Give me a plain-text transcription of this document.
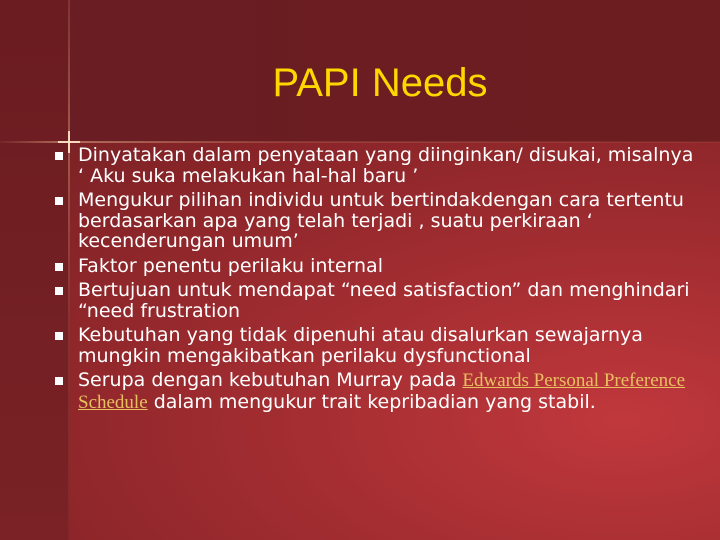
PAPI Needs
Dinyatakan dalam penyataan yang diinginkan/ disukai, misalnya ‘ Aku suka melakukan hal-hal baru ’
Mengukur pilihan individu untuk bertindakdengan cara tertentu berdasarkan apa yang telah terjadi , suatu perkiraan ‘ kecenderungan umum’
Faktor penentu perilaku internal
Bertujuan untuk mendapat “need satisfaction” dan menghindari “need frustration
Kebutuhan yang tidak dipenuhi atau disalurkan sewajarnya mungkin mengakibatkan perilaku dysfunctional
Serupa dengan kebutuhan Murray pada Edwards Personal Preference Schedule dalam mengukur trait kepribadian yang stabil.
